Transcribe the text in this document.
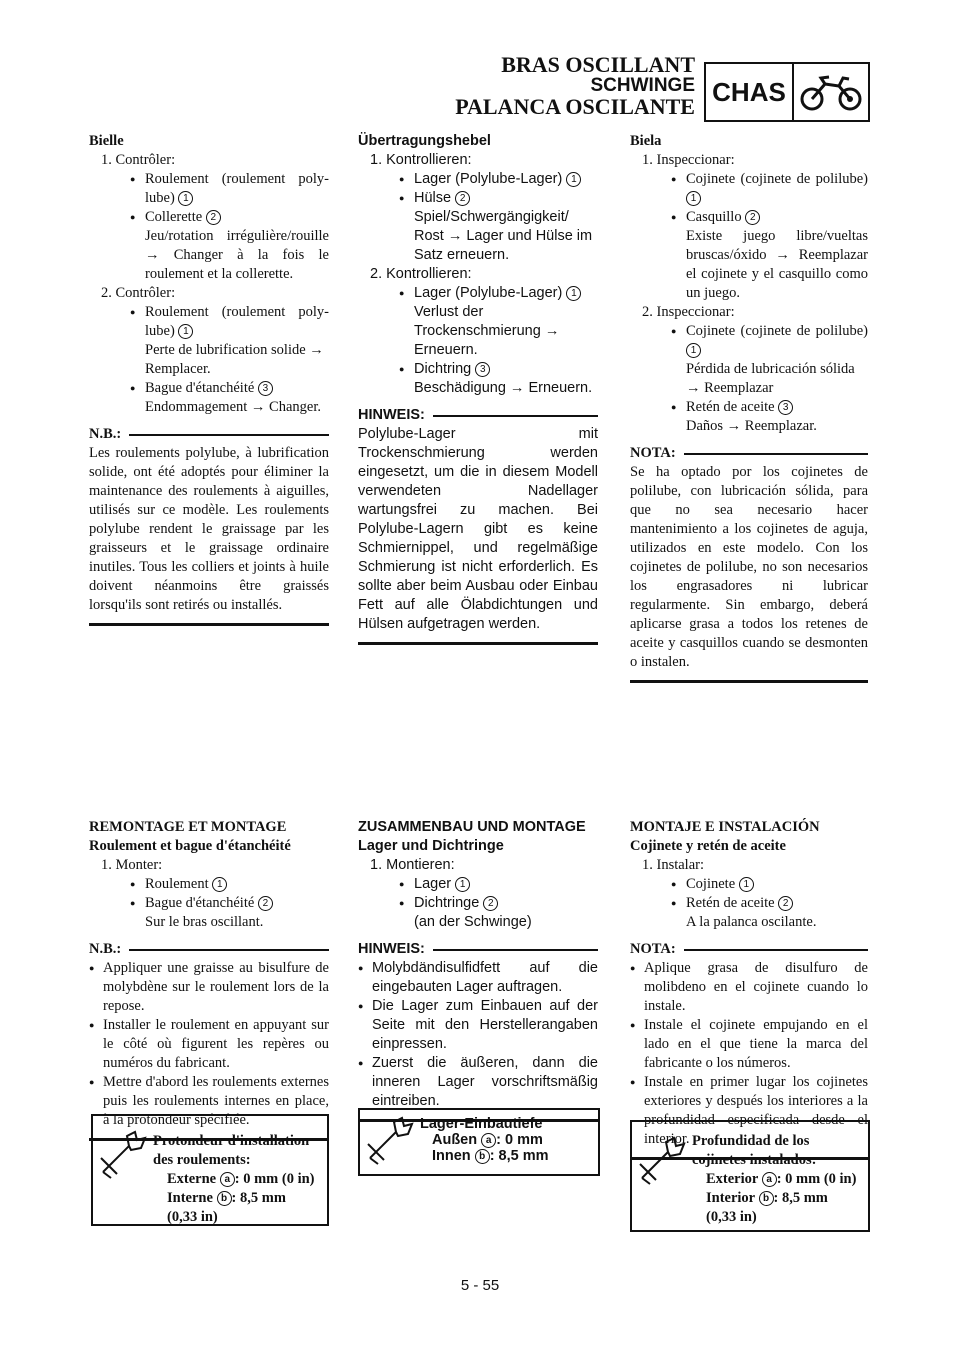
BRAS OSCILLANT
SCHWINGE
PALANCA OSCILANTE CHAS
Bielle
1. Contrôler:
● Roulement (roulement poly-lube) 1
● Collerette 2
Jeu/rotation irrégulière/rouille → Changer à la fois le roulement et la collerette.
2. Contrôler:
● Roulement (roulement poly-lube) 1
Perte de lubrification solide → Remplacer.
● Bague d'étanchéité 3
Endommagement → Changer.
N.B.:
Les roulements polylube, à lubrification solide, ont été adoptés pour éliminer la maintenance des roulements à aiguilles, utilisés sur ce modèle. Les roulements polylube rendent le graissage par les graisseurs et le graissage ordinaire inutiles. Tous les colliers et joints à huile doivent néanmoins être graissés lorsqu'ils sont retirés ou installés.
Übertragungshebel
1. Kontrollieren:
● Lager (Polylube-Lager) 1
● Hülse 2
Spiel/Schwergängigkeit/ Rost → Lager und Hülse im Satz erneuern.
2. Kontrollieren:
● Lager (Polylube-Lager) 1
Verlust der Trockenschmierung → Erneuern.
● Dichtring 3
Beschädigung → Erneuern.
HINWEIS:
Polylube-Lager mit Trockenschmierung werden eingesetzt, um die in diesem Modell verwendeten Nadellager wartungsfrei zu machen. Bei Polylube-Lagern gibt es keine Schmiernippel, und regelmäßige Schmierung ist nicht erforderlich. Es sollte aber beim Ausbau oder Einbau Fett auf alle Ölabdichtungen und Hülsen aufgetragen werden.
Biela
1. Inspeccionar:
● Cojinete (cojinete de polilube) 1
● Casquillo 2
Existe juego libre/vueltas bruscas/óxido → Reemplazar el cojinete y el casquillo como un juego.
2. Inspeccionar:
● Cojinete (cojinete de polilube) 1
Pérdida de lubricación sólida → Reemplazar
● Retén de aceite 3
Daños → Reemplazar.
NOTA:
Se ha optado por los cojinetes de polilube, con lubricación sólida, para que no sea necesario hacer mantenimiento a los cojinetes de aguja, utilizados en este modelo. Con los cojinetes de polilube, no son necesarios los engrasadores ni lubricar regularmente. Sin embargo, deberá aplicarse grasa a todos los retenes de aceite y casquillos cuando se desmonten o instalen.
REMONTAGE ET MONTAGE
Roulement et bague d'étanchéité
1. Monter:
● Roulement 1
● Bague d'étanchéité 2
Sur le bras oscillant.
N.B.:
● Appliquer une graisse au bisulfure de molybdène sur le roulement lors de la repose.
● Installer le roulement en appuyant sur le côté où figurent les repères ou numéros du fabricant.
● Mettre d'abord les roulements externes puis les roulements internes en place, à la protondeur spécifiée.
Protondeur d'installation des roulements:
Externe a : 0 mm (0 in)
Interne b : 8,5 mm
(0,33 in)
ZUSAMMENBAU UND MONTAGE
Lager und Dichtringe
1. Montieren:
● Lager 1
● Dichtringe 2
(an der Schwinge)
HINWEIS:
● Molybdändisulfidfett auf die eingebauten Lager auftragen.
● Die Lager zum Einbauen auf der Seite mit den Herstellerangaben einpressen.
● Zuerst die äußeren, dann die inneren Lager vorschriftsmäßig eintreiben.
Lager-Einbautiefe
Außen a : 0 mm
Innen b : 8,5 mm
MONTAJE E INSTALACIÓN
Cojinete y retén de aceite
1. Instalar:
● Cojinete 1
● Retén de aceite 2
A la palanca oscilante.
NOTA:
● Aplique grasa de disulfuro de molibdeno en el cojinete cuando lo instale.
● Instale el cojinete empujando en el lado en el que tiene la marca del fabricante o los números.
● Instale en primer lugar los cojinetes exteriores y después los interiores a la profundidad especificada desde el interior. Profundidad de los cojinetes instalados:
Exterior a : 0 mm (0 in)
Interior b : 8,5 mm
(0,33 in)
5 - 55
